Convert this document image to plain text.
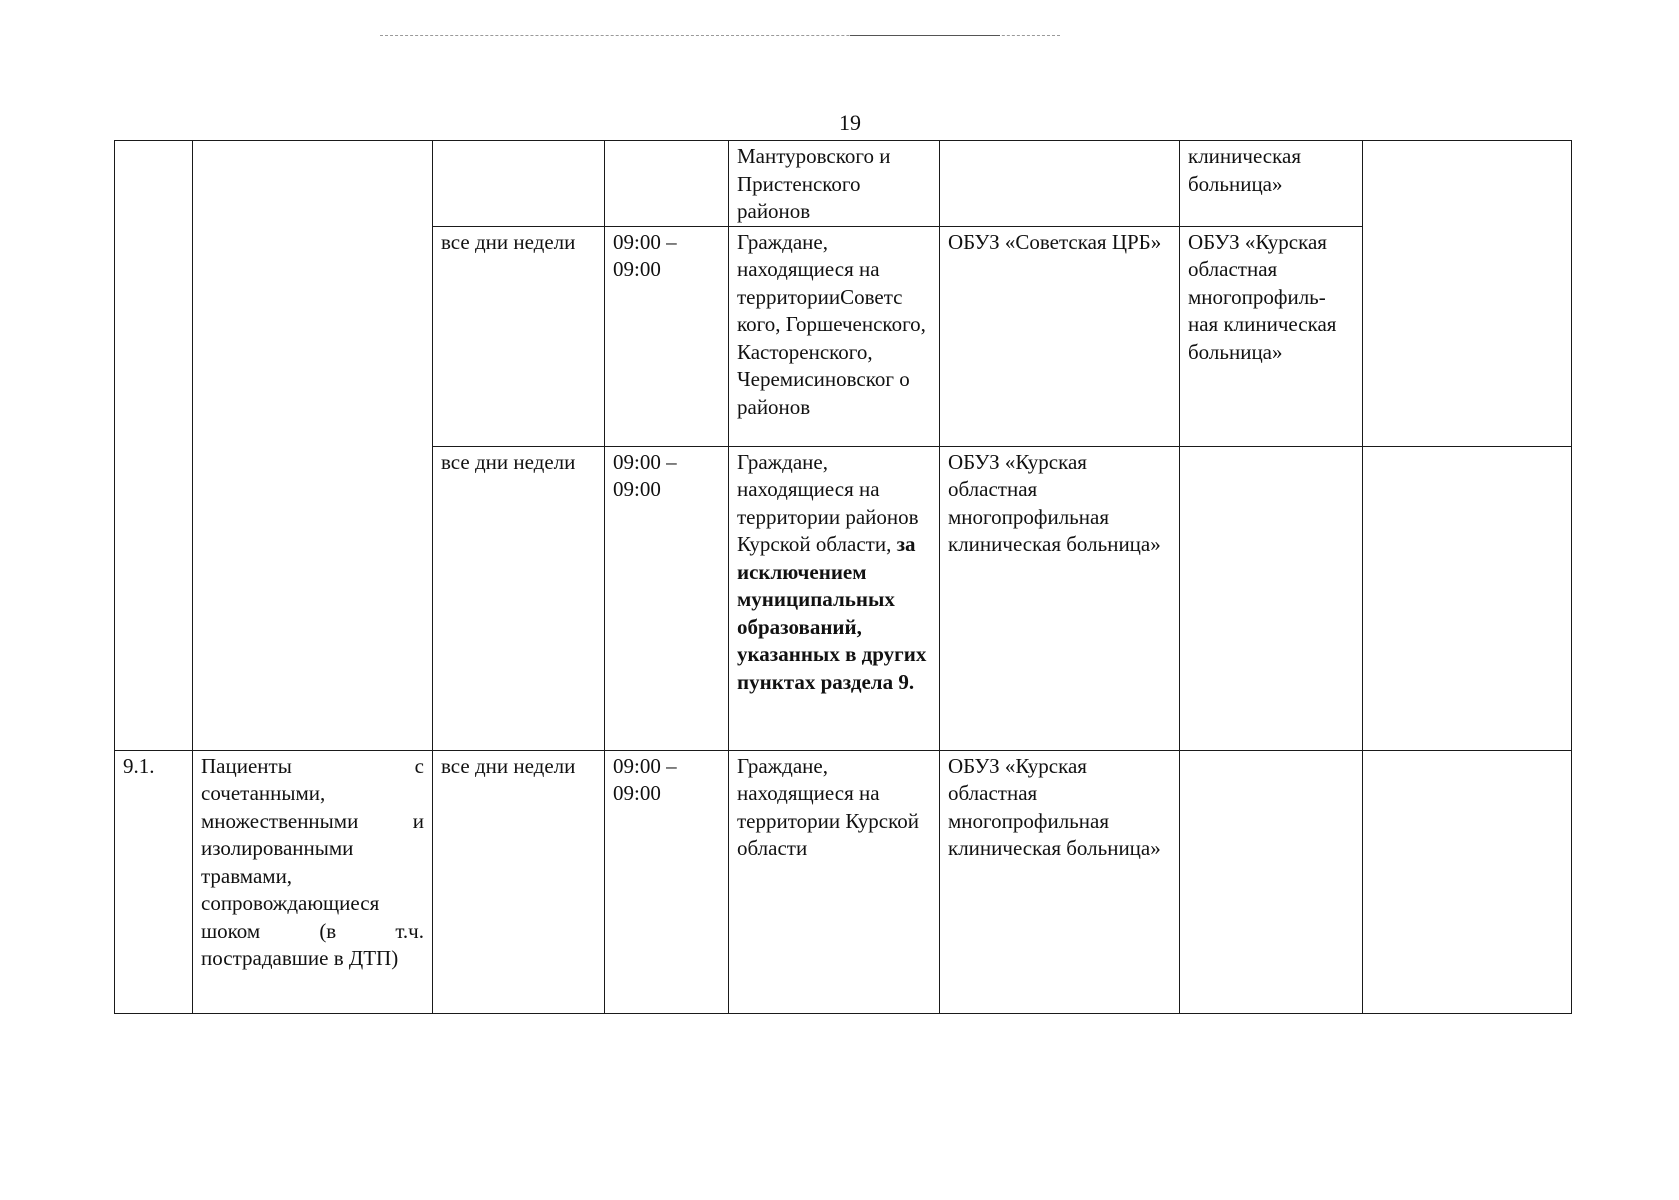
19
				Мантуровского и Пристенского районов		клиническая больница»	
		все дни недели	09:00 – 09:00	Граждане, находящиеся на территорииСоветс кого, Горшеченского, Касторенского, Черемисиновског о районов	ОБУЗ «Советская ЦРБ»	ОБУЗ «Курская областная многопрофиль- ная клиническая больница»	
		все дни недели	09:00 – 09:00	Граждане, находящиеся на территории районов Курской области, за исключением муниципальных образований, указанных в других пунктах раздела 9.	ОБУЗ «Курская областная многопрофильная клиническая больница»		
9.1.	Пациенты с сочетанными, множественными и изолированными травмами, сопровождающиеся шоком (в т.ч. пострадавшие в ДТП)	все дни недели	09:00 – 09:00	Граждане, находящиеся на территории Курской области	ОБУЗ «Курская областная многопрофильная клиническая больница»		
